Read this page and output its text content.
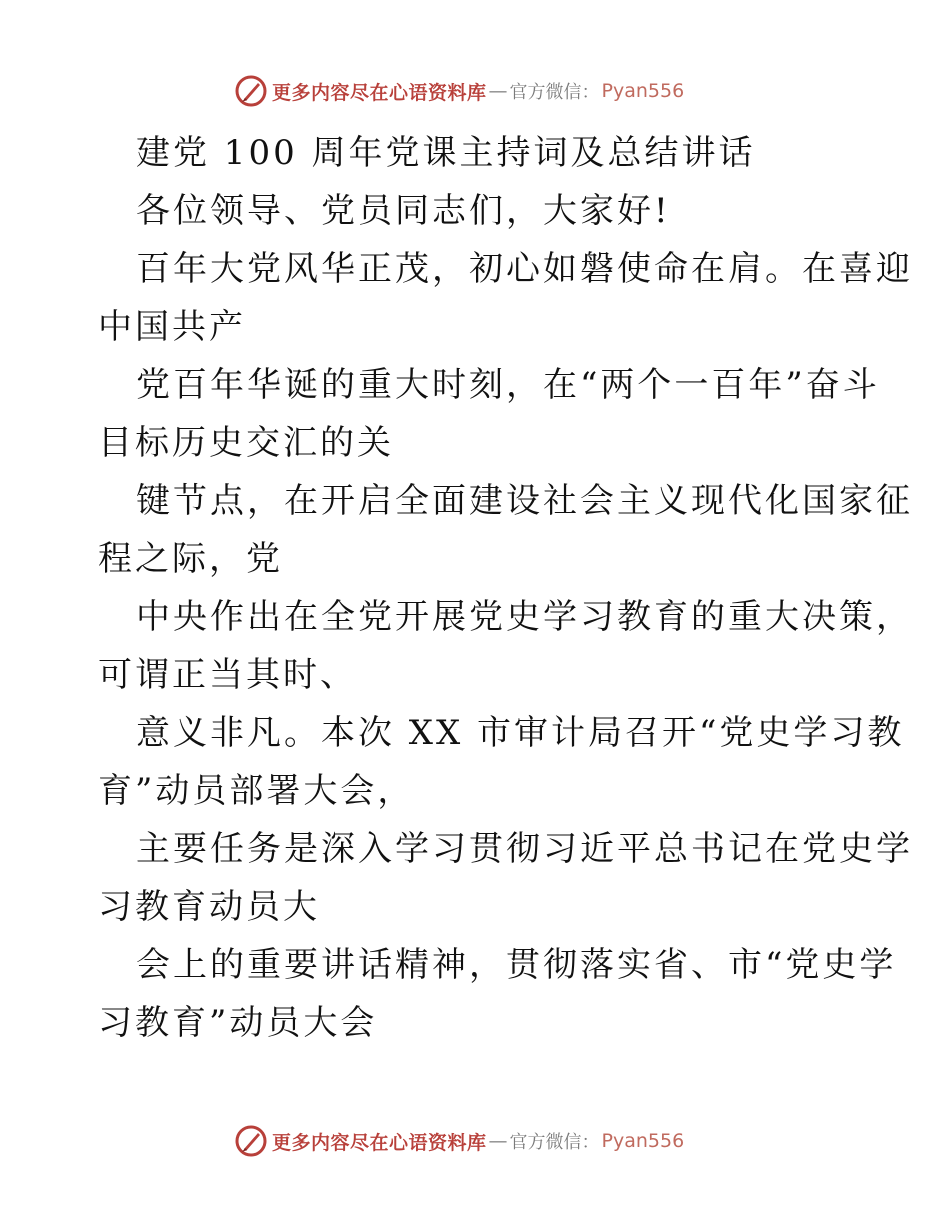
更多内容尽在心语资料库 — 官方微信： Pyan556
建党 100 周年党课主持词及总结讲话
各位领导、党员同志们，大家好!
百年大党风华正茂，初心如磐使命在肩。在喜迎
中国共产
党百年华诞的重大时刻，在“两个一百年”奋斗
目标历史交汇的关
键节点，在开启全面建设社会主义现代化国家征
程之际，党
中央作出在全党开展党史学习教育的重大决策，
可谓正当其时、
意义非凡。本次 XX 市审计局召开“党史学习教
育”动员部署大会，
主要任务是深入学习贯彻习近平总书记在党史学
习教育动员大
会上的重要讲话精神，贯彻落实省、市“党史学
习教育”动员大会
更多内容尽在心语资料库 — 官方微信： Pyan556
